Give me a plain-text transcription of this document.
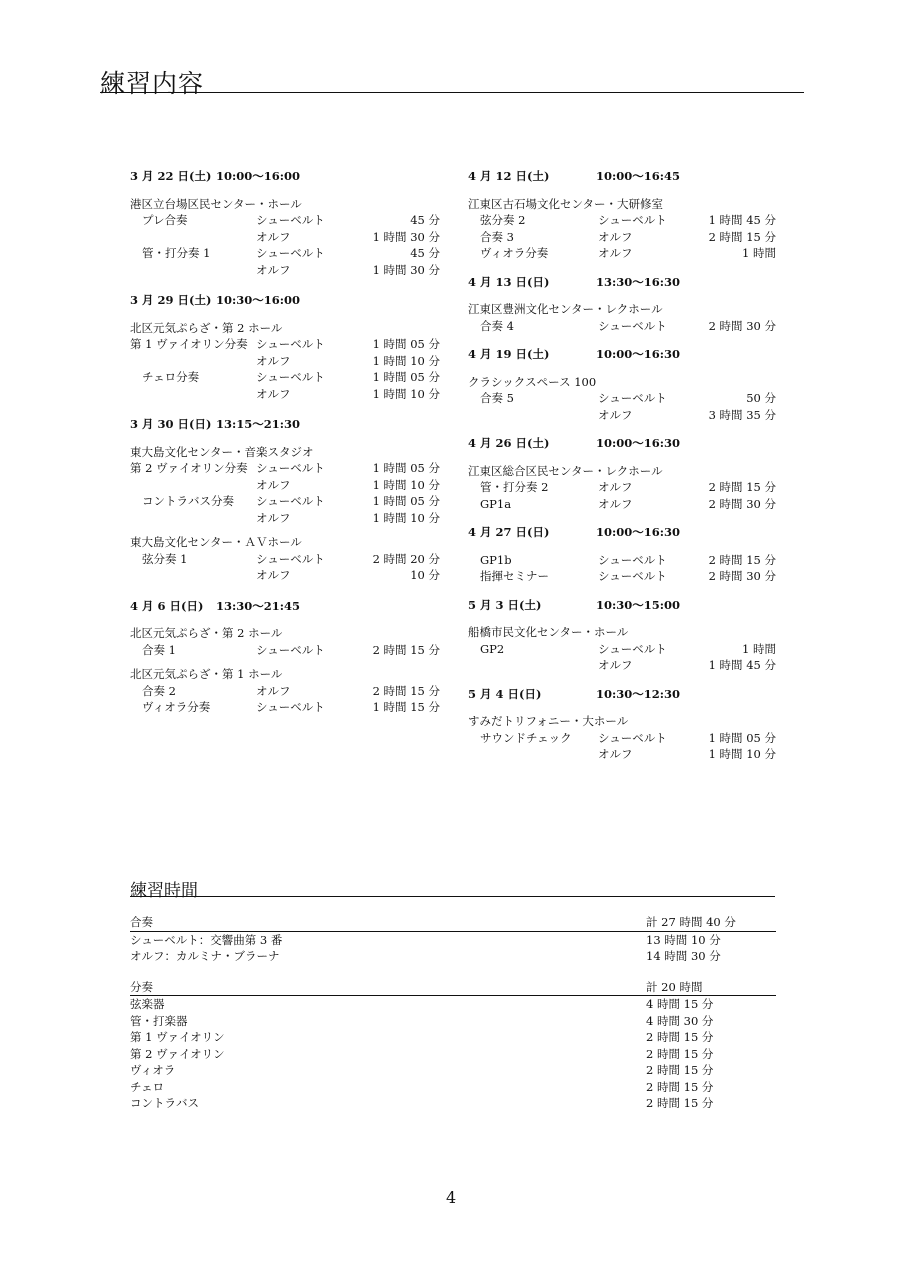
練習内容
3 月 22 日(土) 10:00～16:00
港区立台場区民センター・ホール
プレ合奏	シューベルト	45 分
オルフ	1 時間 30 分
管・打分奏 1	シューベルト	45 分
オルフ	1 時間 30 分
3 月 29 日(土) 10:30～16:00
北区元気ぷらざ・第 2 ホール
第 1 ヴァイオリン分奏 シューベルト	1 時間 05 分
オルフ	1 時間 10 分
チェロ分奏	シューベルト	1 時間 05 分
オルフ	1 時間 10 分
3 月 30 日(日) 13:15～21:30
東大島文化センター・音楽スタジオ
第 2 ヴァイオリン分奏 シューベルト	1 時間 05 分
オルフ	1 時間 10 分
コントラバス分奏	シューベルト	1 時間 05 分
オルフ	1 時間 10 分
東大島文化センター・ＡＶホール
弦分奏 1	シューベルト	2 時間 20 分
オルフ	10 分
4 月 6 日(日)	13:30～21:45
北区元気ぷらざ・第 2 ホール
合奏 1	シューベルト	2 時間 15 分
北区元気ぷらざ・第 1 ホール
合奏 2	オルフ	2 時間 15 分
ヴィオラ分奏	シューベルト	1 時間 15 分
4 月 12 日(土)	10:00～16:45
江東区古石場文化センター・大研修室
弦分奏 2	シューベルト	1 時間 45 分
合奏 3	オルフ	2 時間 15 分
ヴィオラ分奏	オルフ	1 時間
4 月 13 日(日)	13:30～16:30
江東区豊洲文化センター・レクホール
合奏 4	シューベルト	2 時間 30 分
4 月 19 日(土)	10:00～16:30
クラシックスペース 100
合奏 5	シューベルト	50 分
オルフ	3 時間 35 分
4 月 26 日(土)	10:00～16:30
江東区総合区民センター・レクホール
管・打分奏 2	オルフ	2 時間 15 分
GP1a	オルフ	2 時間 30 分
4 月 27 日(日)	10:00～16:30
GP1b	シューベルト	2 時間 15 分
指揮セミナー	シューベルト	2 時間 30 分
5 月 3 日(土)	10:30～15:00
船橋市民文化センター・ホール
GP2	シューベルト	1 時間
オルフ	1 時間 45 分
5 月 4 日(日)	10:30～12:30
すみだトリフォニー・大ホール
サウンドチェック	シューベルト	1 時間 05 分
オルフ	1 時間 10 分
練習時間
合奏	計 27 時間 40 分
シューベルト：交響曲第 3 番	13 時間 10 分
オルフ：カルミナ・ブラーナ	14 時間 30 分
分奏	計 20 時間
弦楽器	4 時間 15 分
管・打楽器	4 時間 30 分
第 1 ヴァイオリン	2 時間 15 分
第 2 ヴァイオリン	2 時間 15 分
ヴィオラ	2 時間 15 分
チェロ	2 時間 15 分
コントラバス	2 時間 15 分
4
